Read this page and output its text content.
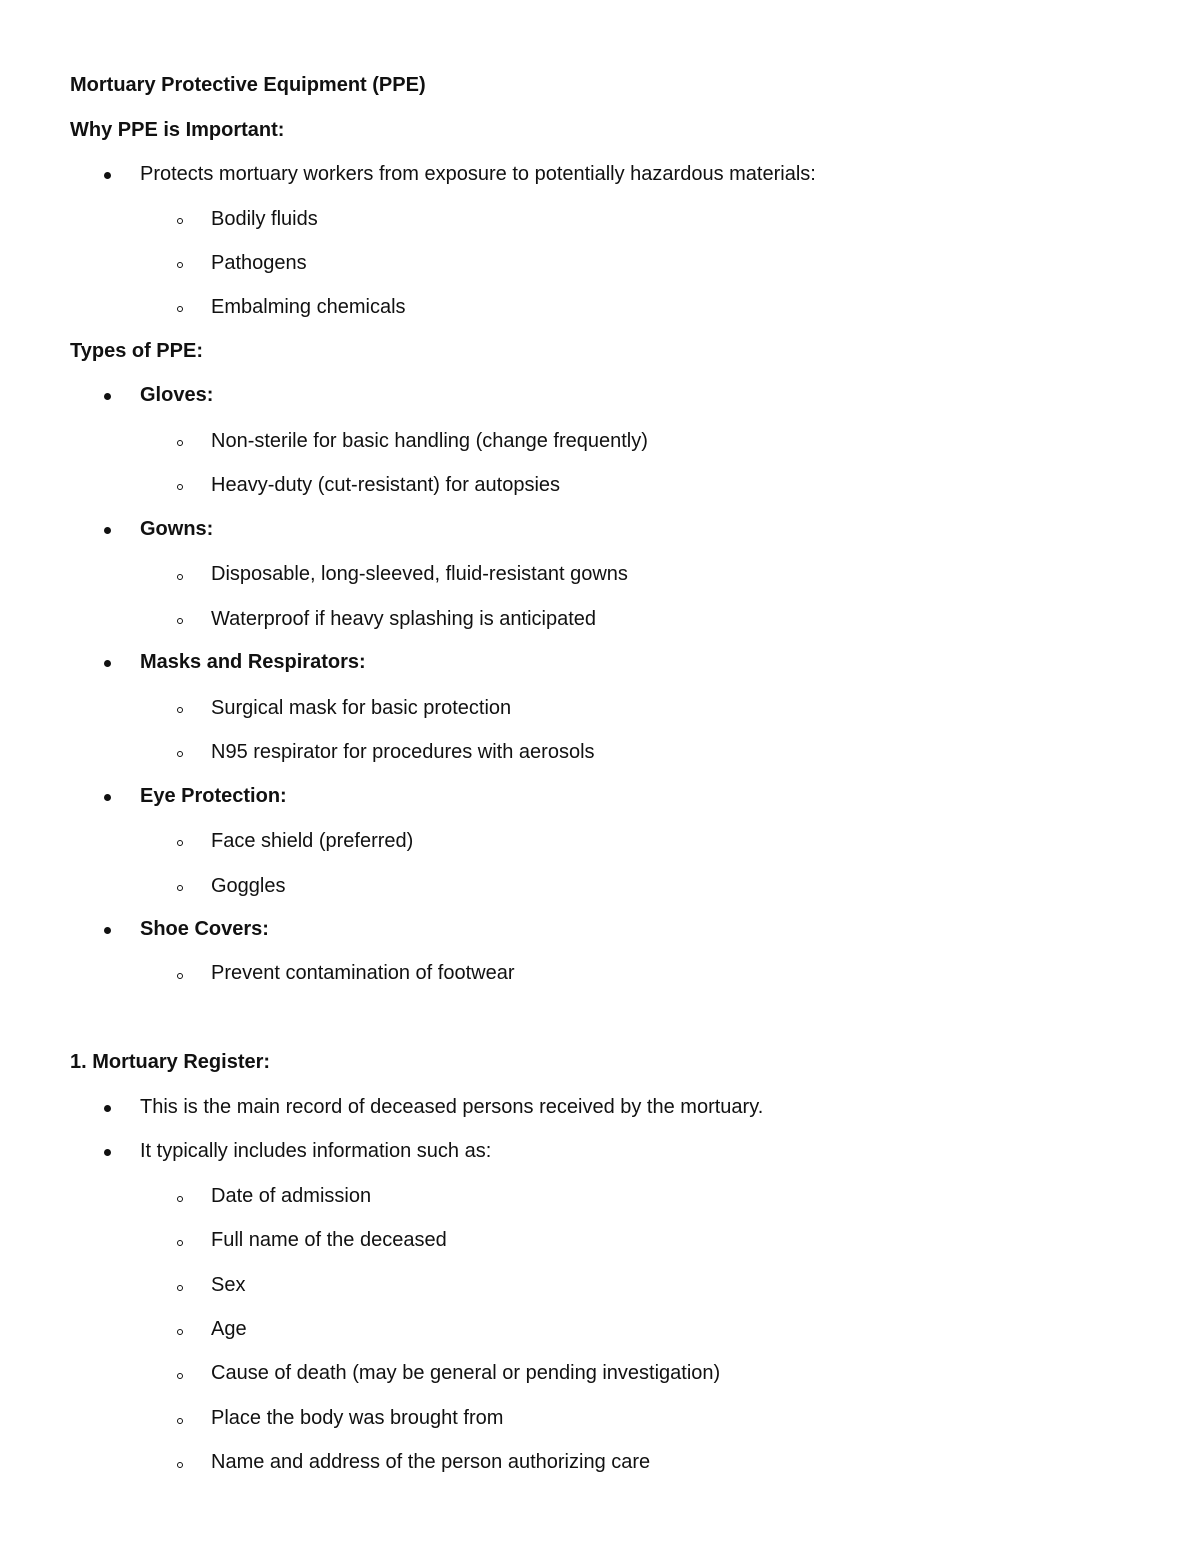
Mortuary Protective Equipment (PPE)
Why PPE is Important:
Protects mortuary workers from exposure to potentially hazardous materials:
Bodily fluids
Pathogens
Embalming chemicals
Types of PPE:
Gloves:
Non-sterile for basic handling (change frequently)
Heavy-duty (cut-resistant) for autopsies
Gowns:
Disposable, long-sleeved, fluid-resistant gowns
Waterproof if heavy splashing is anticipated
Masks and Respirators:
Surgical mask for basic protection
N95 respirator for procedures with aerosols
Eye Protection:
Face shield (preferred)
Goggles
Shoe Covers:
Prevent contamination of footwear
1. Mortuary Register:
This is the main record of deceased persons received by the mortuary.
It typically includes information such as:
Date of admission
Full name of the deceased
Sex
Age
Cause of death (may be general or pending investigation)
Place the body was brought from
Name and address of the person authorizing care
